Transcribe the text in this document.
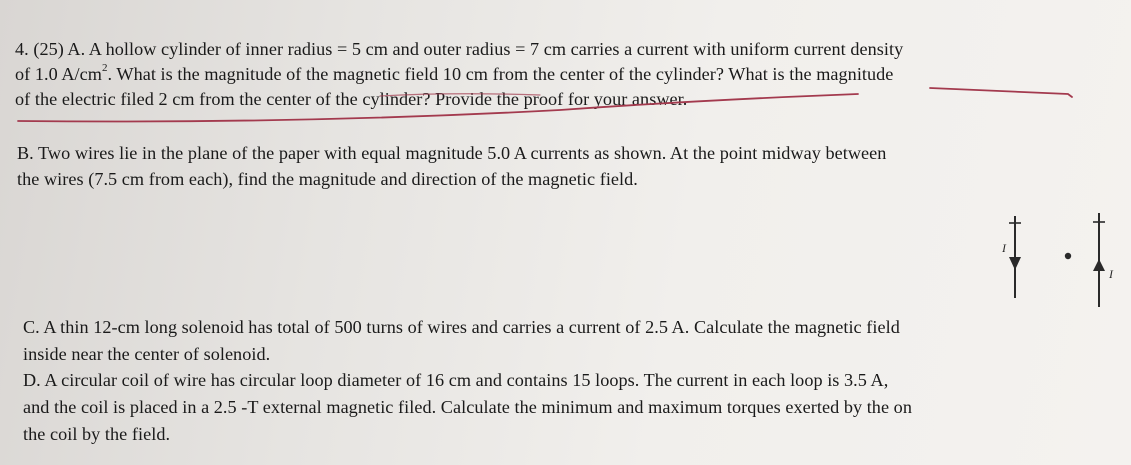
4. (25) A. A hollow cylinder of inner radius = 5 cm and outer radius = 7 cm carries a current with uniform current density
of 1.0 $A/cm^2$. What is the magnitude of the magnetic field 10 cm from the center of the cylinder? What is the magnitude
of the electric filed 2 cm from the center of the cylinder? Provide the proof for your answer.
B. Two wires lie in the plane of the paper with equal magnitude 5.0 A currents as shown. At the point midway between
the wires (7.5 cm from each), find the magnitude and direction of the magnetic field.
C. A thin 12-cm long solenoid has total of 500 turns of wires and carries a current of 2.5 A. Calculate the magnetic field
inside near the center of solenoid.
D. A circular coil of wire has circular loop diameter of 16 cm and contains 15 loops. The current in each loop is 3.5 A,
and the coil is placed in a 2.5 -T external magnetic filed. Calculate the minimum and maximum torques exerted by the on
the coil by the field.
I
I
